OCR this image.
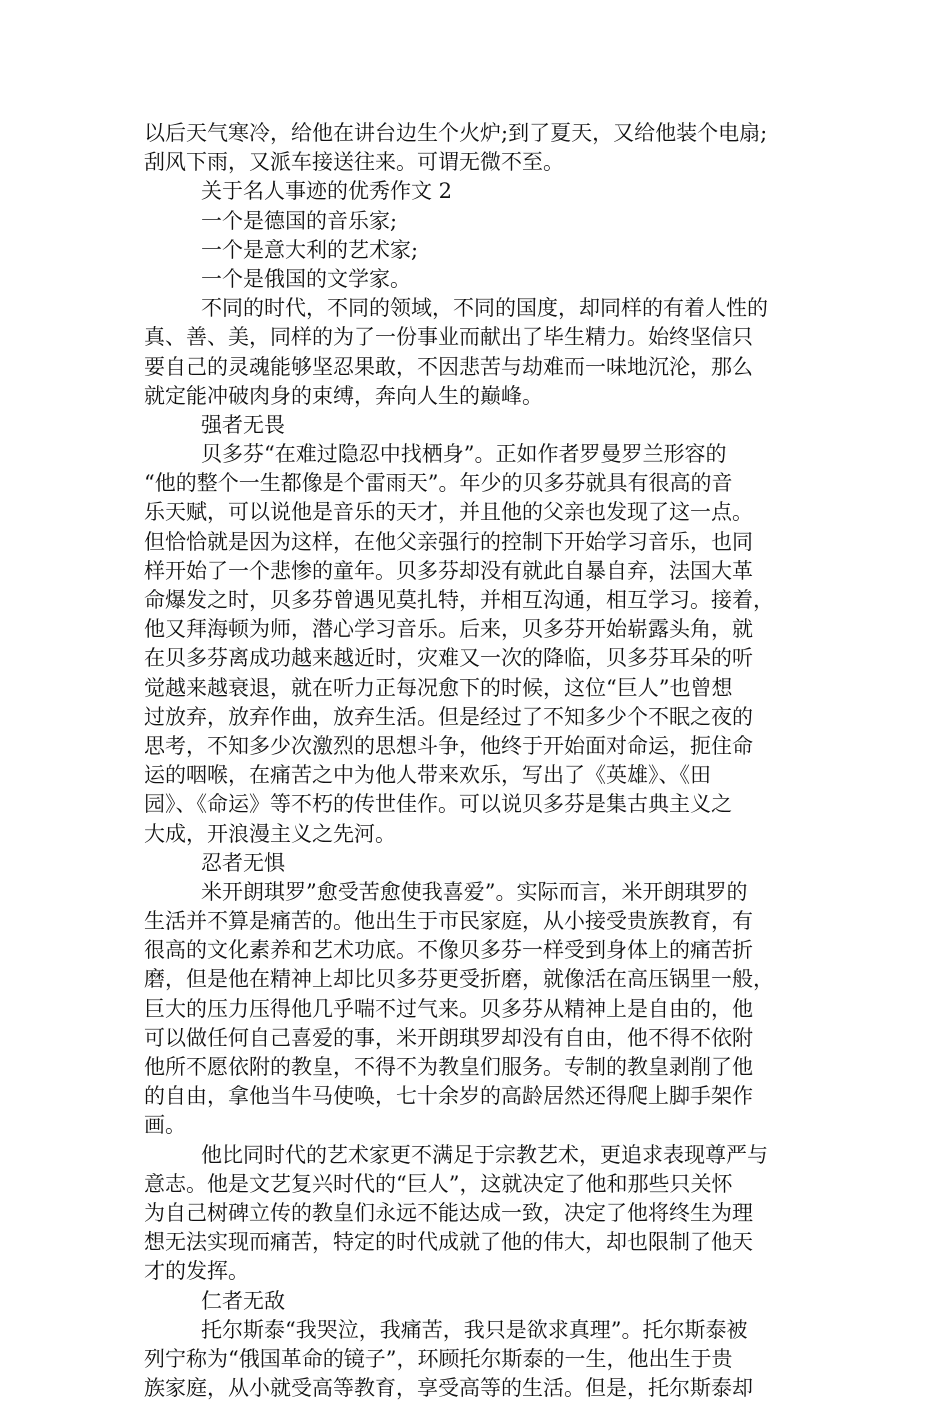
以后天气寒冷，给他在讲台边生个火炉;到了夏天，又给他装个电扇;
刮风下雨，又派车接送往来。可谓无微不至。
关于名人事迹的优秀作文 2
一个是德国的音乐家;
一个是意大利的艺术家;
一个是俄国的文学家。
不同的时代，不同的领域，不同的国度，却同样的有着人性的
真、善、美，同样的为了一份事业而献出了毕生精力。始终坚信只
要自己的灵魂能够坚忍果敢，不因悲苦与劫难而一味地沉沦，那么
就定能冲破肉身的束缚，奔向人生的巅峰。
强者无畏
贝多芬“在难过隐忍中找栖身”。正如作者罗曼罗兰形容的
“他的整个一生都像是个雷雨天”。年少的贝多芬就具有很高的音
乐天赋，可以说他是音乐的天才，并且他的父亲也发现了这一点。
但恰恰就是因为这样，在他父亲强行的控制下开始学习音乐，也同
样开始了一个悲惨的童年。贝多芬却没有就此自暴自弃，法国大革
命爆发之时，贝多芬曾遇见莫扎特，并相互沟通，相互学习。接着，
他又拜海顿为师，潜心学习音乐。后来，贝多芬开始崭露头角，就
在贝多芬离成功越来越近时，灾难又一次的降临，贝多芬耳朵的听
觉越来越衰退，就在听力正每况愈下的时候，这位“巨人”也曾想
过放弃，放弃作曲，放弃生活。但是经过了不知多少个不眠之夜的
思考，不知多少次激烈的思想斗争，他终于开始面对命运，扼住命
运的咽喉，在痛苦之中为他人带来欢乐，写出了《英雄》、《田
园》、《命运》等不朽的传世佳作。可以说贝多芬是集古典主义之
大成，开浪漫主义之先河。
忍者无惧
米开朗琪罗”愈受苦愈使我喜爱”。实际而言，米开朗琪罗的
生活并不算是痛苦的。他出生于市民家庭，从小接受贵族教育，有
很高的文化素养和艺术功底。不像贝多芬一样受到身体上的痛苦折
磨，但是他在精神上却比贝多芬更受折磨，就像活在高压锅里一般，
巨大的压力压得他几乎喘不过气来。贝多芬从精神上是自由的，他
可以做任何自己喜爱的事，米开朗琪罗却没有自由，他不得不依附
他所不愿依附的教皇，不得不为教皇们服务。专制的教皇剥削了他
的自由，拿他当牛马使唤，七十余岁的高龄居然还得爬上脚手架作
画。
他比同时代的艺术家更不满足于宗教艺术，更追求表现尊严与
意志。他是文艺复兴时代的“巨人”，这就决定了他和那些只关怀
为自己树碑立传的教皇们永远不能达成一致，决定了他将终生为理
想无法实现而痛苦，特定的时代成就了他的伟大，却也限制了他天
才的发挥。
仁者无敌
托尔斯泰“我哭泣，我痛苦，我只是欲求真理”。托尔斯泰被
列宁称为“俄国革命的镜子”，环顾托尔斯泰的一生，他出生于贵
族家庭，从小就受高等教育，享受高等的生活。但是，托尔斯泰却
